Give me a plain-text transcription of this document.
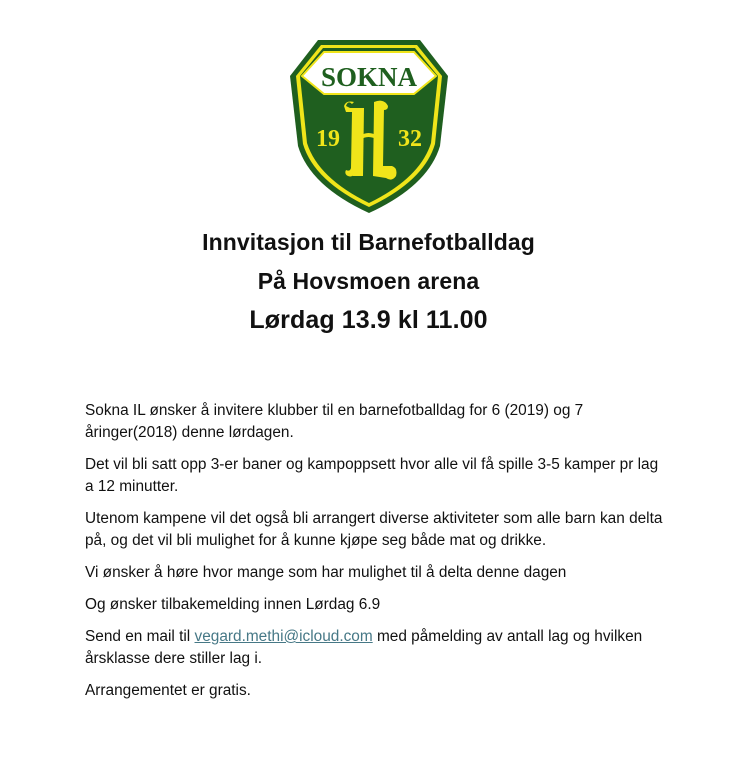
SOKNA
19 32
Innvitasjon til Barnefotballdag
På Hovsmoen arena
Lørdag 13.9 kl 11.00

Sokna IL ønsker å invitere klubber til en barnefotballdag for 6 (2019) og 7 åringer(2018) denne lørdagen.

Det vil bli satt opp 3-er baner og kampoppsett hvor alle vil få spille 3-5 kamper pr lag a 12 minutter.

Utenom kampene vil det også bli arrangert diverse aktiviteter som alle barn kan delta på, og det vil bli mulighet for å kunne kjøpe seg både mat og drikke.

Vi ønsker å høre hvor mange som har mulighet til å delta denne dagen

Og ønsker tilbakemelding innen Lørdag 6.9

Send en mail til vegard.methi@icloud.com med påmelding av antall lag og hvilken årsklasse dere stiller lag i.

Arrangementet er gratis.
